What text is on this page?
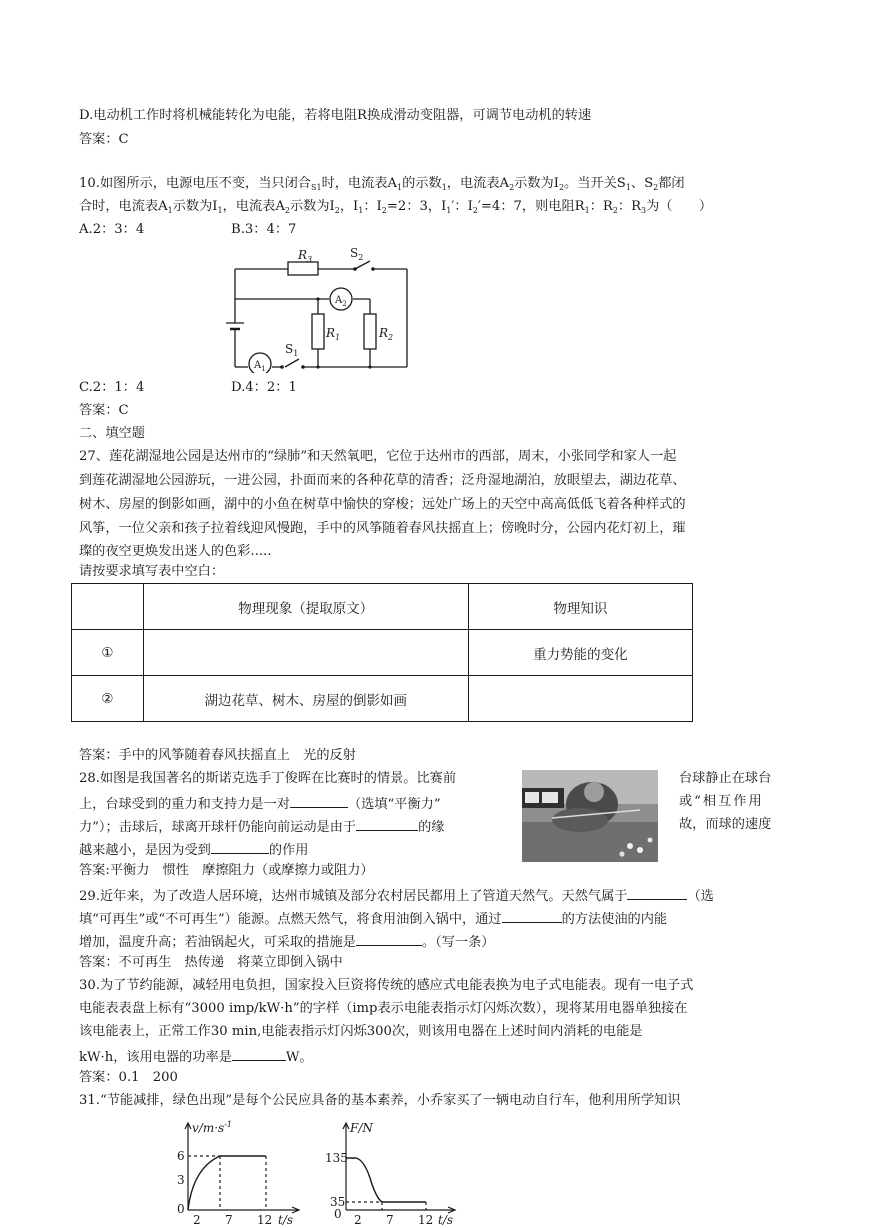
D.电动机工作时将机械能转化为电能，若将电阻R换成滑动变阻器，可调节电动机的转速
答案：C
10.如图所示，电源电压不变，当只闭合$_{S1}$时，电流表$A_1$的示数$_1$，电流表$A_2$示数为$I_2$。当开关$S_1$、$S_2$都闭
合时，电流表$A_1$示数为$I_1$，电流表$A_2$示数为$I_2$，$I_1$：$I_2=2$：3，$I_1'$：$I_2'=4$：7，则电阻$R_1$：$R_2$：$R_3$为（　　）
A.2：3：4	B.3：4：7
$R_3$	$S_2$
$A_2$
$R_1$	$R_2$
$A_1$
$S_1$
C.2：1：4	D.4：2：1
答案：C
二、填空题
27、莲花湖湿地公园是达州市的“绿肺”和天然氧吧，它位于达州市的西部，周末，小张同学和家人一起
到莲花湖湿地公园游玩，一进公园，扑面而来的各种花草的清香；泛舟湿地湖泊，放眼望去，湖边花草、
树木、房屋的倒影如画，湖中的小鱼在树草中愉快的穿梭；远处广场上的天空中高高低低飞着各种样式的
风筝，一位父亲和孩子拉着线迎风慢跑，手中的风筝随着春风扶摇直上；傍晚时分，公园内花灯初上，璀
璨的夜空更焕发出迷人的色彩.....
请按要求填写表中空白：
	物理现象（提取原文）	物理知识
①		重力势能的变化
②	湖边花草、树木、房屋的倒影如画	
答案：手中的风筝随着春风扶摇直上　光的反射
28.如图是我国著名的斯诺克选手丁俊晖在比赛时的情景。比赛前	台球静止在球台
上，台球受到的重力和支持力是一对	（选填“平衡力”	或“相互作用
力”）；击球后，球离开球杆仍能向前运动是由于	的缘	故，而球的速度
越来越小，是因为受到	的作用
答案:平衡力　惯性　摩擦阻力（或摩擦力或阻力）
29.近年来，为了改造人居环境，达州市城镇及部分农村居民都用上了管道天然气。天然气属于	（选
填“可再生”或“不可再生”）能源。点燃天然气，将食用油倒入锅中，通过	的方法使油的内能
增加，温度升高；若油锅起火，可采取的措施是	。（写一条）
答案：不可再生　热传递　将菜立即倒入锅中
30.为了节约能源，减轻用电负担，国家投入巨资将传统的感应式电能表换为电子式电能表。现有一电子式
电能表表盘上标有“3000 imp/kW·h”的字样（imp表示电能表指示灯闪烁次数），现将某用电器单独接在
该电能表上，正常工作30 min,电能表指示灯闪烁300次，则该用电器在上述时间内消耗的电能是
kW·h，该用电器的功率是	W。
答案：0.1　200
31.“节能减排，绿色出现”是每个公民应具备的基本素养，小乔家买了一辆电动自行车，他利用所学知识
$v/m\cdot s^{-1}$
6
3
0
2 7 12 t/s
F/N
135
35
0 2 7 12 t/s
